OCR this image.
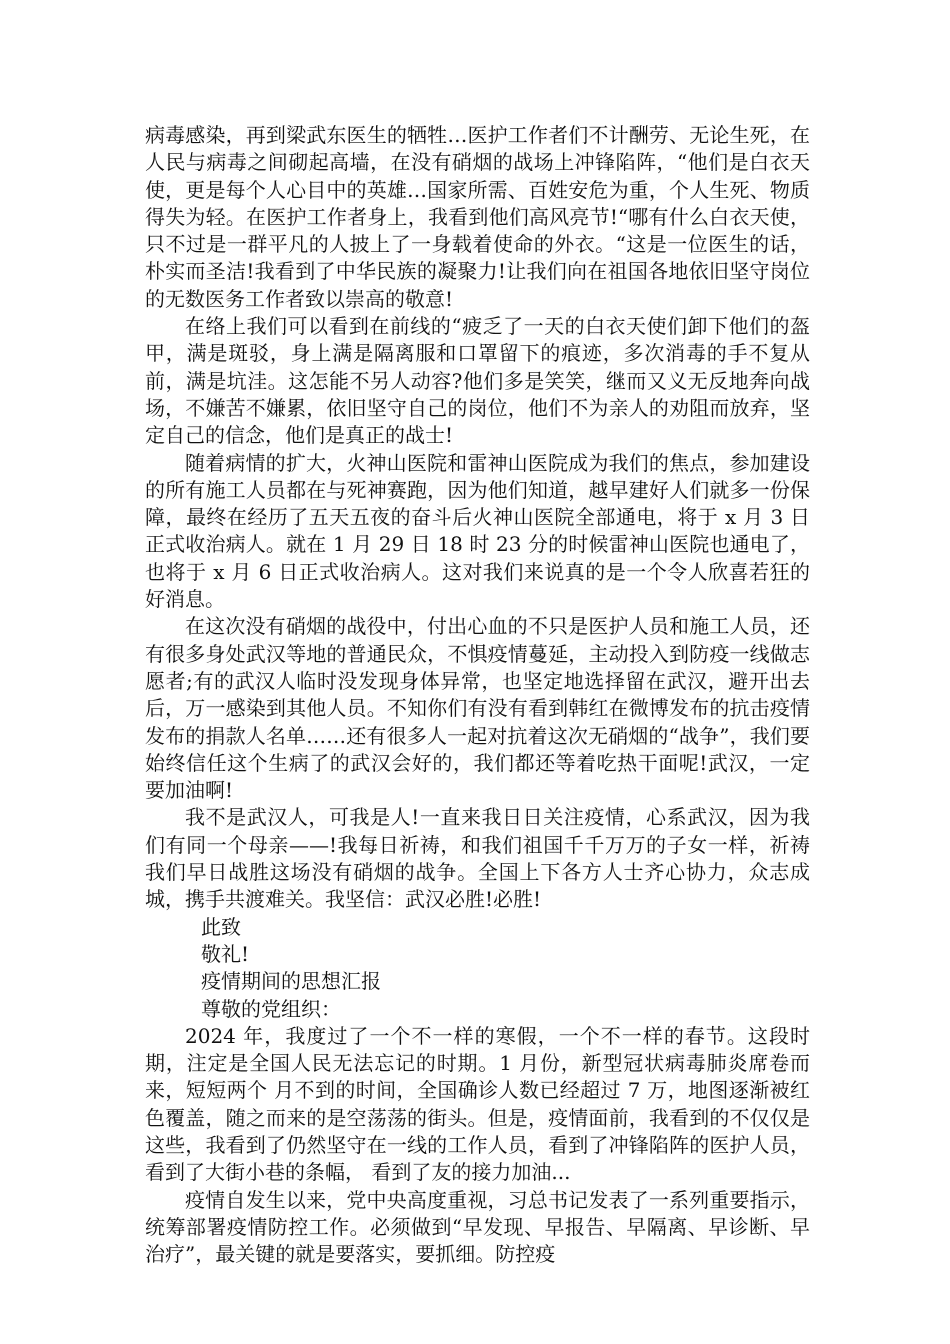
病毒感染，再到梁武东医生的牺牲…医护工作者们不计酬劳、无论生死，在人民与病毒之间砌起高墙，在没有硝烟的战场上冲锋陷阵，“他们是白衣天使，更是每个人心目中的英雄…国家所需、百姓安危为重，个人生死、物质得失为轻。在医护工作者身上，我看到他们高风亮节!“哪有什么白衣天使，只不过是一群平凡的人披上了一身载着使命的外衣。“这是一位医生的话，朴实而圣洁!我看到了中华民族的凝聚力!让我们向在祖国各地依旧坚守岗位的无数医务工作者致以崇高的敬意!

在络上我们可以看到在前线的“疲乏了一天的白衣天使们卸下他们的盔甲，满是斑驳，身上满是隔离服和口罩留下的痕迹，多次消毒的手不复从前，满是坑洼。这怎能不另人动容?他们多是笑笑，继而又义无反地奔向战场，不嫌苦不嫌累，依旧坚守自己的岗位，他们不为亲人的劝阻而放弃，坚定自己的信念，他们是真正的战士!

随着病情的扩大，火神山医院和雷神山医院成为我们的焦点，参加建设的所有施工人员都在与死神赛跑，因为他们知道，越早建好人们就多一份保障，最终在经历了五天五夜的奋斗后火神山医院全部通电，将于 x 月 3 日正式收治病人。就在 1 月 29 日 18 时 23 分的时候雷神山医院也通电了，也将于 x 月 6 日正式收治病人。这对我们来说真的是一个令人欣喜若狂的好消息。

在这次没有硝烟的战役中，付出心血的不只是医护人员和施工人员，还有很多身处武汉等地的普通民众，不惧疫情蔓延，主动投入到防疫一线做志愿者;有的武汉人临时没发现身体异常，也坚定地选择留在武汉，避开出去后，万一感染到其他人员。不知你们有没有看到韩红在微博发布的抗击疫情发布的捐款人名单……还有很多人一起对抗着这次无硝烟的“战争”，我们要始终信任这个生病了的武汉会好的，我们都还等着吃热干面呢!武汉，一定要加油啊!

我不是武汉人，可我是人!一直来我日日关注疫情，心系武汉，因为我们有同一个母亲——!我每日祈祷，和我们祖国千千万万的子女一样，祈祷我们早日战胜这场没有硝烟的战争。全国上下各方人士齐心协力，众志成城，携手共渡难关。我坚信：武汉必胜!必胜!

此致

敬礼!

疫情期间的思想汇报

尊敬的党组织：

2024 年，我度过了一个不一样的寒假，一个不一样的春节。这段时期，注定是全国人民无法忘记的时期。1 月份，新型冠状病毒肺炎席卷而来，短短两个 月不到的时间，全国确诊人数已经超过 7 万，地图逐渐被红色覆盖，随之而来的是空荡荡的街头。但是，疫情面前，我看到的不仅仅是这些，我看到了仍然坚守在一线的工作人员，看到了冲锋陷阵的医护人员，看到了大街小巷的条幅， 看到了友的接力加油...

疫情自发生以来，党中央高度重视，习总书记发表了一系列重要指示，统筹部署疫情防控工作。必须做到“早发现、早报告、早隔离、早诊断、早治疗”，最关键的就是要落实，要抓细。防控疫
